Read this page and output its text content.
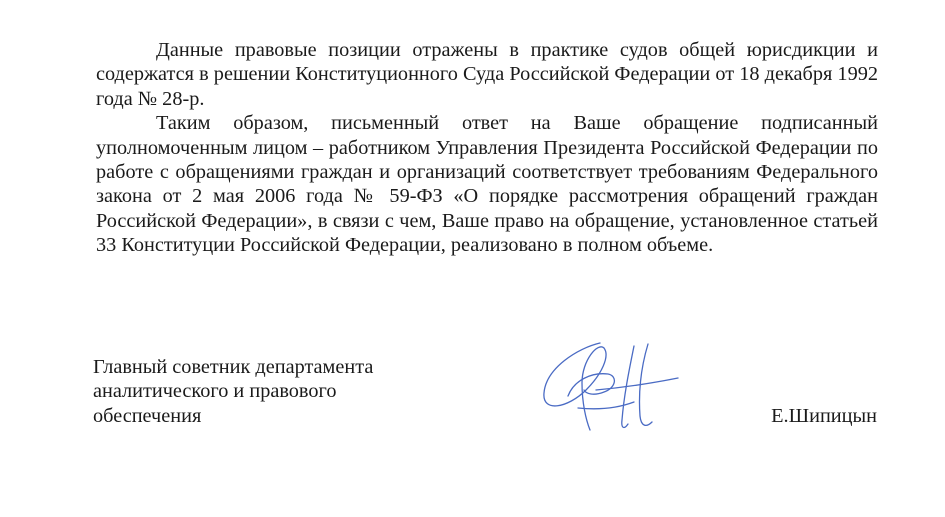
Данные правовые позиции отражены в практике судов общей юрисдикции и содержатся в решении Конституционного Суда Российской Федерации от 18 декабря 1992 года № 28-р.

Таким образом, письменный ответ на Ваше обращение подписанный уполномоченным лицом – работником Управления Президента Российской Федерации по работе с обращениями граждан и организаций соответствует требованиям Федерального закона от 2 мая 2006 года № 59-ФЗ «О порядке рассмотрения обращений граждан Российской Федерации», в связи с чем, Ваше право на обращение, установленное статьей 33 Конституции Российской Федерации, реализовано в полном объеме.

Главный советник департамента
аналитического и правового
обеспечения	Е.Шипицын
